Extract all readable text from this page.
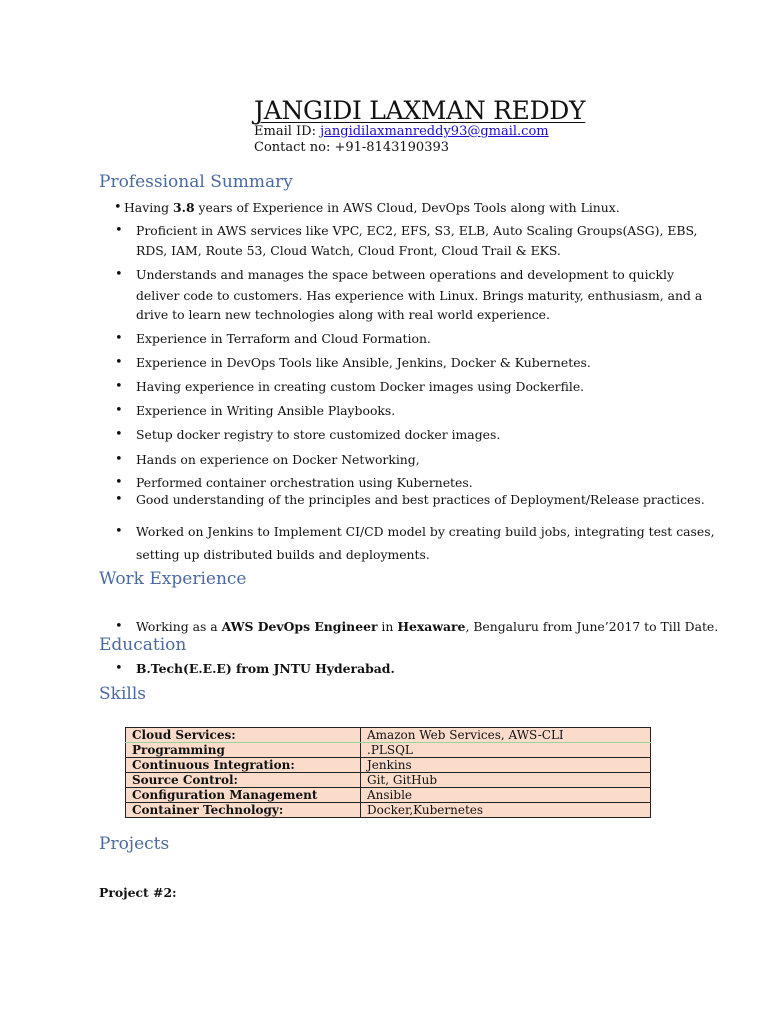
JANGIDI LAXMAN REDDY
Email ID: jangidilaxmanreddy93@gmail.com
Contact no: +91-8143190393
Professional Summary
• Having 3.8 years of Experience in AWS Cloud, DevOps Tools along with Linux.
• Proficient in AWS services like VPC, EC2, EFS, S3, ELB, Auto Scaling Groups(ASG), EBS,
RDS, IAM, Route 53, Cloud Watch, Cloud Front, Cloud Trail & EKS.
• Understands and manages the space between operations and development to quickly
deliver code to customers. Has experience with Linux. Brings maturity, enthusiasm, and a
drive to learn new technologies along with real world experience.
• Experience in Terraform and Cloud Formation.
• Experience in DevOps Tools like Ansible, Jenkins, Docker & Kubernetes.
• Having experience in creating custom Docker images using Dockerfile.
• Experience in Writing Ansible Playbooks.
• Setup docker registry to store customized docker images.
• Hands on experience on Docker Networking,
• Performed container orchestration using Kubernetes.
• Good understanding of the principles and best practices of Deployment/Release practices.
• Worked on Jenkins to Implement CI/CD model by creating build jobs, integrating test cases,
setting up distributed builds and deployments.
Work Experience
• Working as a AWS DevOps Engineer in Hexaware, Bengaluru from June’2017 to Till Date.
Education
• B.Tech(E.E.E) from JNTU Hyderabad.
Skills
Cloud Services:	Amazon Web Services, AWS-CLI
Programming	.PLSQL
Continuous Integration:	Jenkins
Source Control:	Git, GitHub
Configuration Management	Ansible
Container Technology:	Docker,Kubernetes
Projects
Project #2:
